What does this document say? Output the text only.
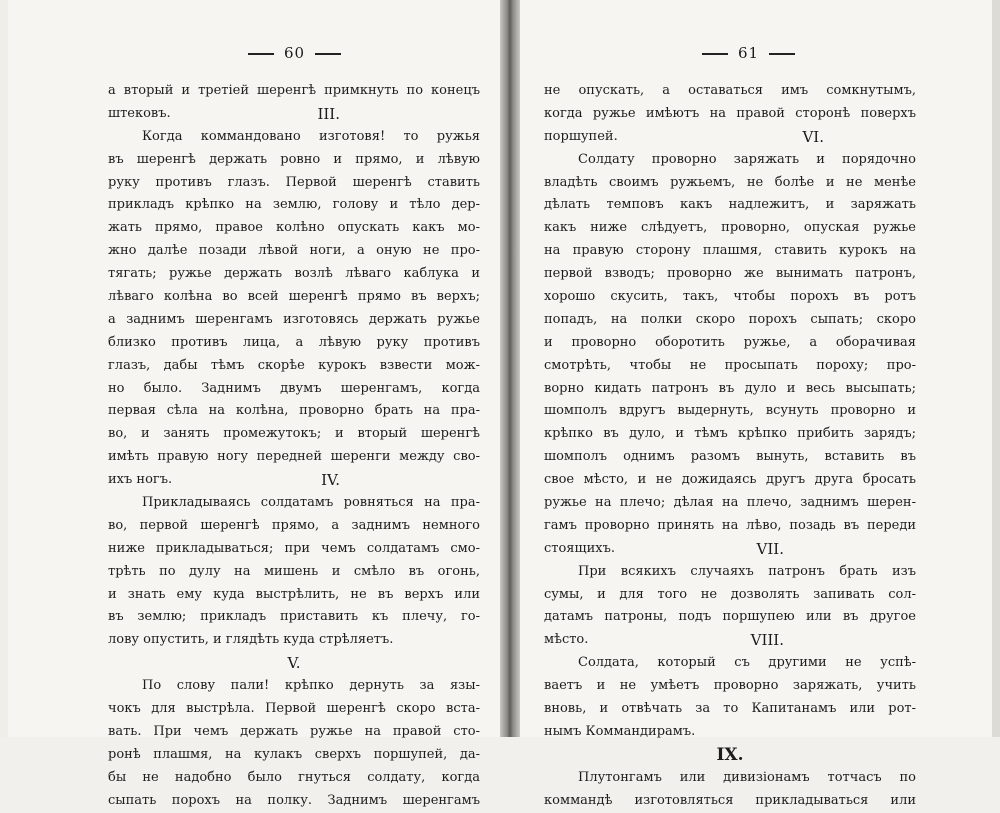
60
а вторый и третiей шеренгѣ примкнуть по конецъ
штековъ.	III.
Когда коммандовано изготовя! то ружья
въ шеренгѣ держать ровно и прямо, и лѣвую
руку противъ глазъ. Первой шеренгѣ ставить
прикладъ крѣпко на землю, голову и тѣло дер-
жать прямо, правое колѣно опускать какъ мо-
жно далѣе позади лѣвой ноги, а оную не про-
тягать; ружье держать возлѣ лѣваго каблука и
лѣваго колѣна во всей шеренгѣ прямо въ верхъ;
а заднимъ шеренгамъ изготовясь держать ружье
близко противъ лица, а лѣвую руку противъ
глазъ, дабы тѣмъ скорѣе курокъ взвести мож-
но было. Заднимъ двумъ шеренгамъ, когда
первая сѣла на колѣна, проворно брать на пра-
во, и занять промежутокъ; и вторый шеренгѣ
имѣть правую ногу передней шеренги между сво-
ихъ ногъ.	IV.
Прикладываясь солдатамъ ровняться на пра-
во, первой шеренгѣ прямо, а заднимъ немного
ниже прикладываться; при чемъ солдатамъ смо-
трѣть по дулу на мишень и смѣло въ огонь,
и знать ему куда выстрѣлить, не въ верхъ или
въ землю; прикладъ приставить къ плечу, го-
лову опустить, и глядѣть куда стрѣляетъ.
V.
По слову пали! крѣпко дернуть за язы-
чокъ для выстрѣла. Первой шеренгѣ скоро вста-
вать. При чемъ держать ружье на правой сто-
ронѣ плашмя, на кулакъ сверхъ поршупей, да-
бы не надобно было гнуться солдату, когда
сыпать порохъ на полку. Заднимъ шеренгамъ
61
не опускать, а оставаться имъ сомкнутымъ,
когда ружье имѣютъ на правой сторонѣ поверхъ
поршупей.	VI.
Солдату проворно заряжать и порядочно
владѣть своимъ ружьемъ, не болѣе и не менѣе
дѣлать темповъ какъ надлежитъ, и заряжать
какъ ниже слѣдуетъ, проворно, опуская ружье
на правую сторону плашмя, ставить курокъ на
первой взводъ; проворно же вынимать патронъ,
хорошо скусить, такъ, чтобы порохъ въ ротъ
попадъ, на полки скоро порохъ сыпать; скоро
и проворно оборотить ружье, а оборачивая
смотрѣть, чтобы не просыпать пороху; про-
ворно кидать патронъ въ дуло и весь высыпать;
шомполъ вдругъ выдернуть, всунуть проворно и
крѣпко въ дуло, и тѣмъ крѣпко прибить зарядъ;
шомполъ однимъ разомъ вынуть, вставить въ
свое мѣсто, и не дожидаясь другъ друга бросать
ружье на плечо; дѣлая на плечо, заднимъ шерен-
гамъ проворно принять на лѣво, позадь въ переди
стоящихъ.	VII.
При всякихъ случаяхъ патронъ брать изъ
сумы, и для того не дозволять запивать сол-
датамъ патроны, подъ поршупею или въ другое
мѣсто.	VIII.
Солдата, который съ другими не успѣ-
ваетъ и не умѣетъ проворно заряжать, учить
вновь, и отвѣчать за то Капитанамъ или рот-
нымъ Коммандирамъ.
IX.
Плутонгамъ или дивизiонамъ тотчасъ по
коммандѣ изготовляться прикладываться или
